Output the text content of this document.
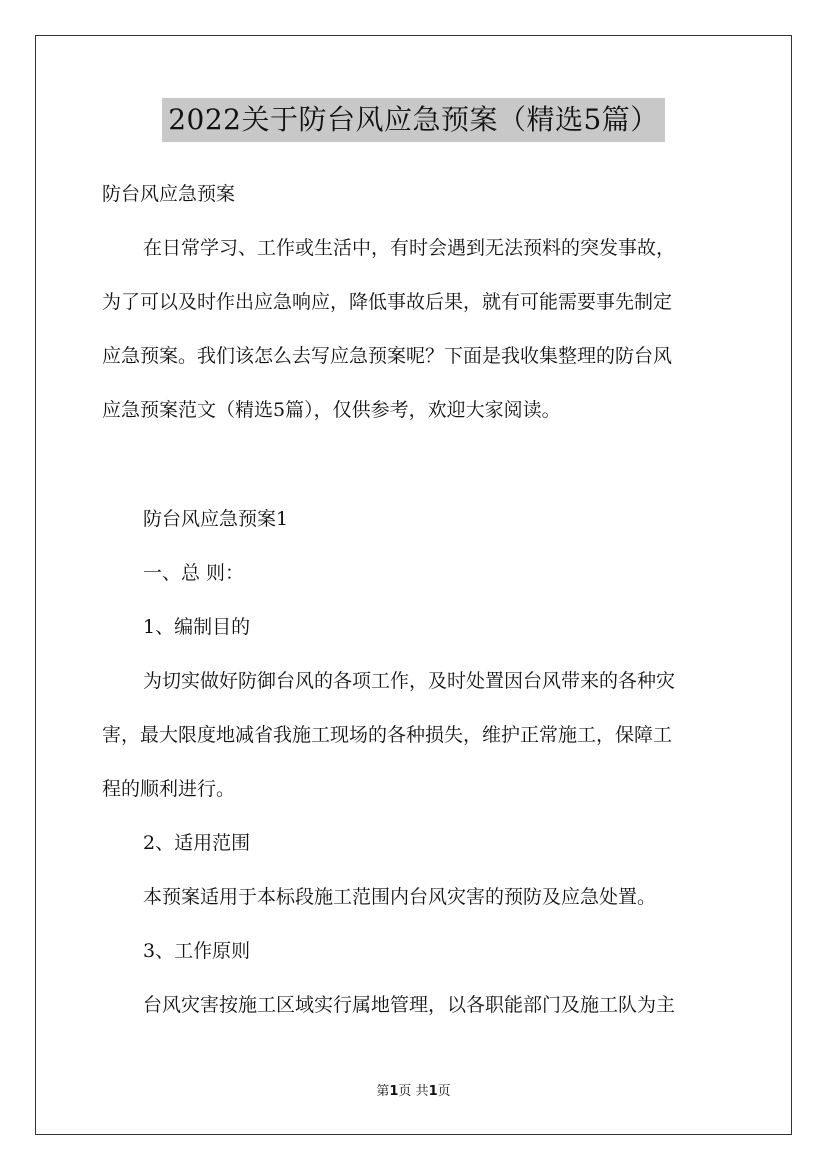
2022关于防台风应急预案（精选5篇）
防台风应急预案
在日常学习、工作或生活中，有时会遇到无法预料的突发事故，
为了可以及时作出应急响应，降低事故后果，就有可能需要事先制定
应急预案。我们该怎么去写应急预案呢？下面是我收集整理的防台风
应急预案范文（精选5篇），仅供参考，欢迎大家阅读。
防台风应急预案1
一、总 则：
1、编制目的
为切实做好防御台风的各项工作，及时处置因台风带来的各种灾
害，最大限度地减省我施工现场的各种损失，维护正常施工，保障工
程的顺利进行。
2、适用范围
本预案适用于本标段施工范围内台风灾害的预防及应急处置。
3、工作原则
台风灾害按施工区域实行属地管理，以各职能部门及施工队为主
第1页 共1页
